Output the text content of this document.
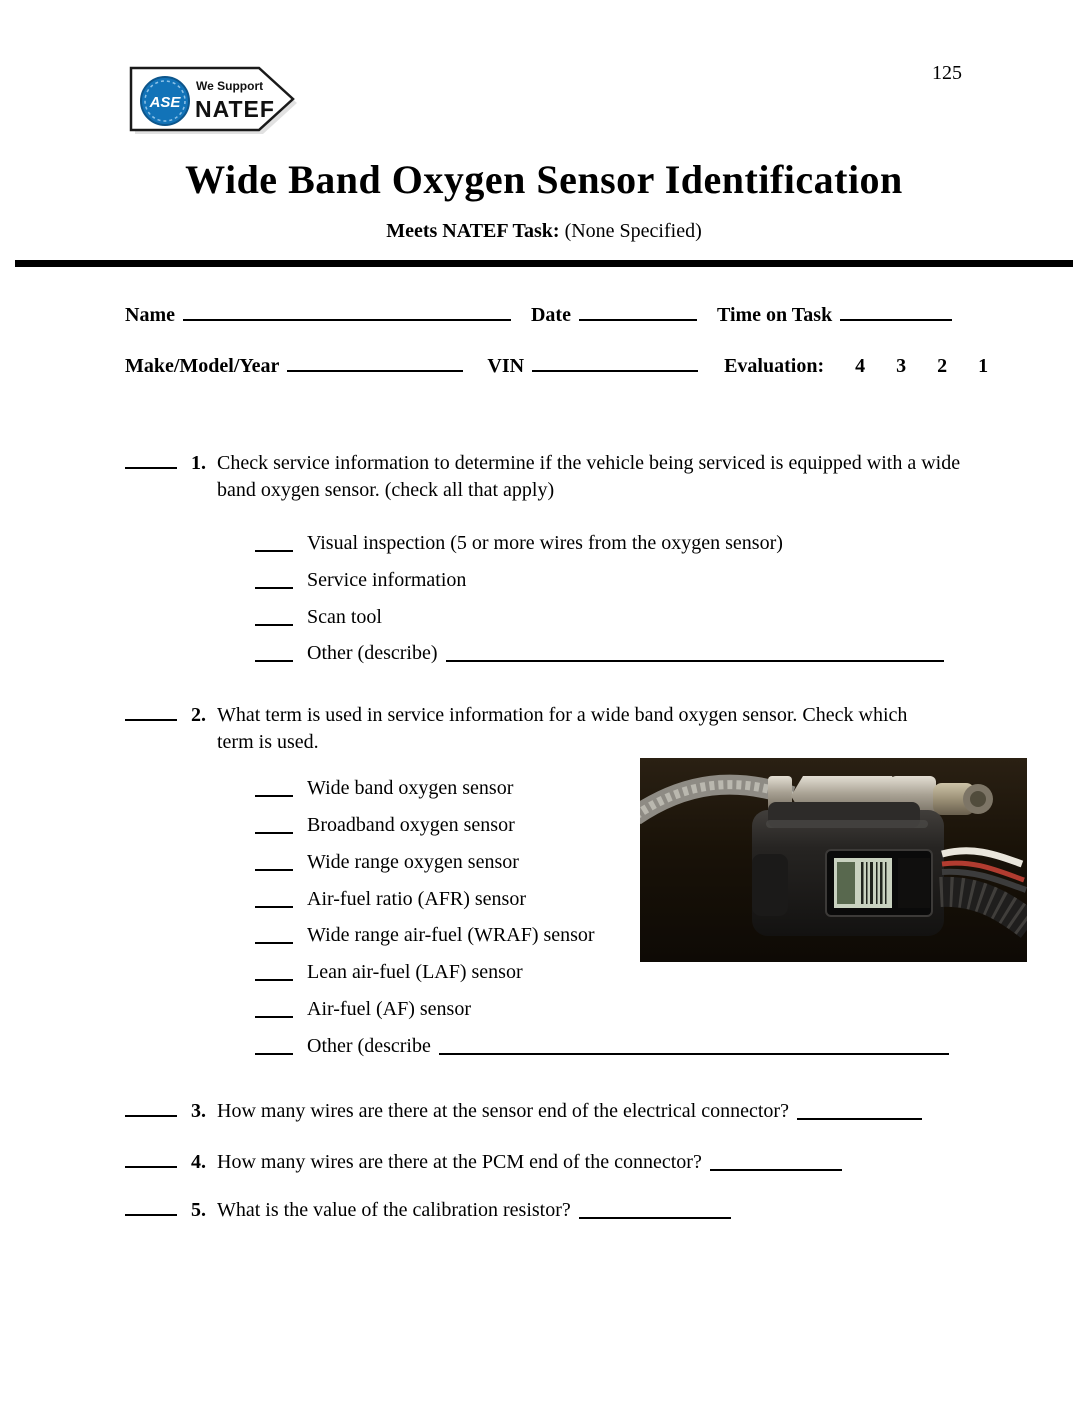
125
ASE
We Support
NATEF
Wide Band Oxygen Sensor Identification
Meets NATEF Task: (None Specified)
Name	Date	Time on Task
Make/Model/Year	VIN	Evaluation: 4 3 2 1
1. Check service information to determine if the vehicle being serviced is equipped with a wide band oxygen sensor. (check all that apply)
Visual inspection (5 or more wires from the oxygen sensor)
Service information
Scan tool
Other (describe)
2. What term is used in service information for a wide band oxygen sensor. Check which term is used.
Wide band oxygen sensor
Broadband oxygen sensor
Wide range oxygen sensor
Air-fuel ratio (AFR) sensor
Wide range air-fuel (WRAF) sensor
Lean air-fuel (LAF) sensor
Air-fuel (AF) sensor
Other (describe
3. How many wires are there at the sensor end of the electrical connector?
4. How many wires are there at the PCM end of the connector?
5. What is the value of the calibration resistor?
